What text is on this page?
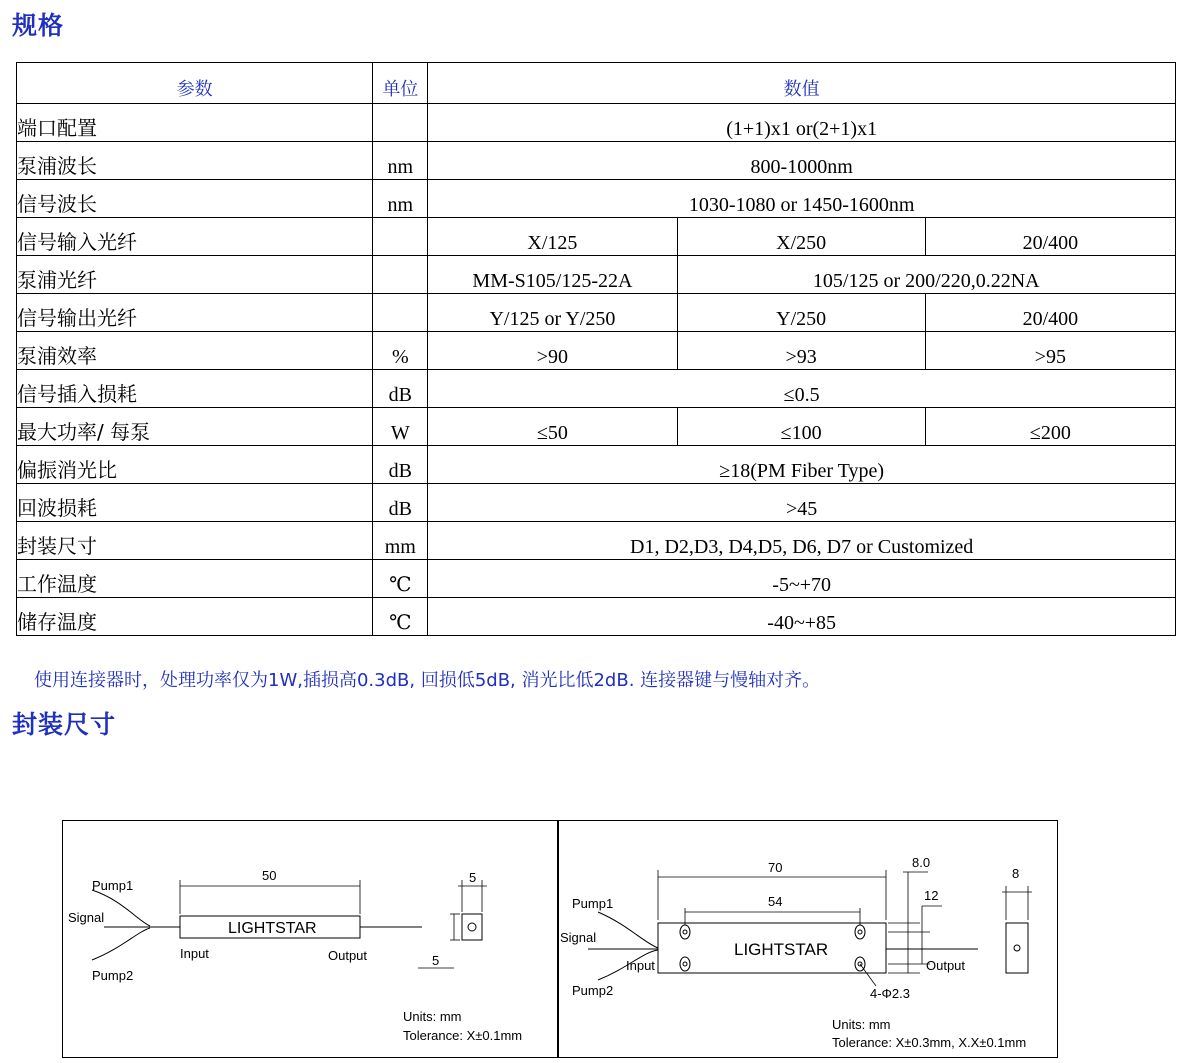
规格
参数	单位	数值		
端口配置		(1+1)x1 or(2+1)x1		
泵浦波长	nm	800-1000nm		
信号波长	nm	1030-1080 or 1450-1600nm		
信号输入光纤		X/125	X/250	20/400
泵浦光纤		MM-S105/125-22A	105/125 or 200/220,0.22NA	
信号输出光纤		Y/125 or Y/250	Y/250	20/400
泵浦效率	%	>90	>93	>95
信号插入损耗	dB	≤0.5		
最大功率/ 每泵	W	≤50	≤100	≤200
偏振消光比	dB	≥18(PM Fiber Type)		
回波损耗	dB	>45		
封装尺寸	mm	D1, D2,D3, D4,D5, D6, D7 or Customized		
工作温度	℃	-5~+70		
储存温度	℃	-40~+85		
使用连接器时，处理功率仅为1W,插损高0.3dB, 回损低5dB, 消光比低2dB. 连接器键与慢轴对齐。
封装尺寸
Pump1
Signal
Pump2
Input	Output
LIGHTSTAR
50	5
5
Units: mm
Tolerance: X±0.1mm
Pump1
Signal
Pump2
Input	Output
LIGHTSTAR
70
54
8.0
12
8
4-Φ2.3
Units: mm
Tolerance: X±0.3mm, X.X±0.1mm
